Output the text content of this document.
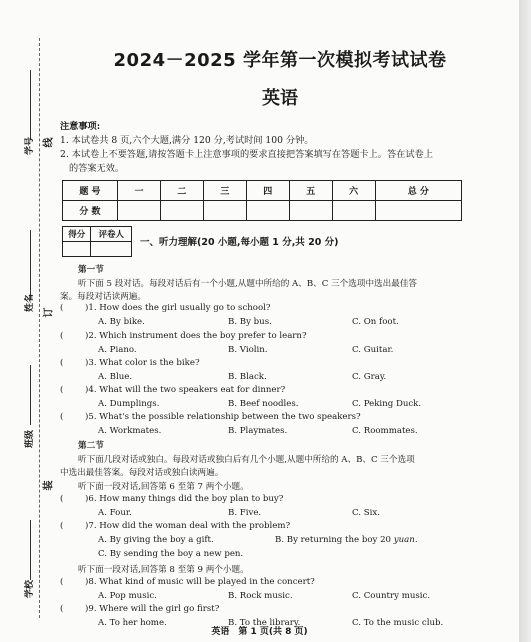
学号
姓名
班级
学校
线
订
装
2024－2025 学年第一次模拟考试试卷
英语
注意事项:
1. 本试卷共 8 页,六个大题,满分 120 分,考试时间 100 分钟。
2. 本试卷上不要答题,请按答题卡上注意事项的要求直接把答案填写在答题卡上。答在试卷上
的答案无效。
题 号	一	二	三	四	五	六	总 分
分 数							
得分	评卷人

一、听力理解(20 小题,每小题 1 分,共 20 分)
第一节
听下面 5 段对话。每段对话后有一个小题,从题中所给的 A、B、C 三个选项中选出最佳答
案。每段对话读两遍。
(	)1. How does the girl usually go to school?
A. By bike.	B. By bus.	C. On foot.
(	)2. Which instrument does the boy prefer to learn?
A. Piano.	B. Violin.	C. Guitar.
(	)3. What color is the bike?
A. Blue.	B. Black.	C. Gray.
(	)4. What will the two speakers eat for dinner?
A. Dumplings.	B. Beef noodles.	C. Peking Duck.
(	)5. What's the possible relationship between the two speakers?
A. Workmates.	B. Playmates.	C. Roommates.
第二节
听下面几段对话或独白。每段对话或独白后有几个小题,从题中所给的 A、B、C 三个选项
中选出最佳答案。每段对话或独白读两遍。
听下面一段对话,回答第 6 至第 7 两个小题。
(	)6. How many things did the boy plan to buy?
A. Four.	B. Five.	C. Six.
(	)7. How did the woman deal with the problem?
A. By giving the boy a gift.	B. By returning the boy 20 yuan.
C. By sending the boy a new pen.
听下面一段对话,回答第 8 至第 9 两个小题。
(	)8. What kind of music will be played in the concert?
A. Pop music.	B. Rock music.	C. Country music.
(	)9. Where will the girl go first?
A. To her home.	B. To the library.	C. To the music club.
英语　第 1 页(共 8 页)
